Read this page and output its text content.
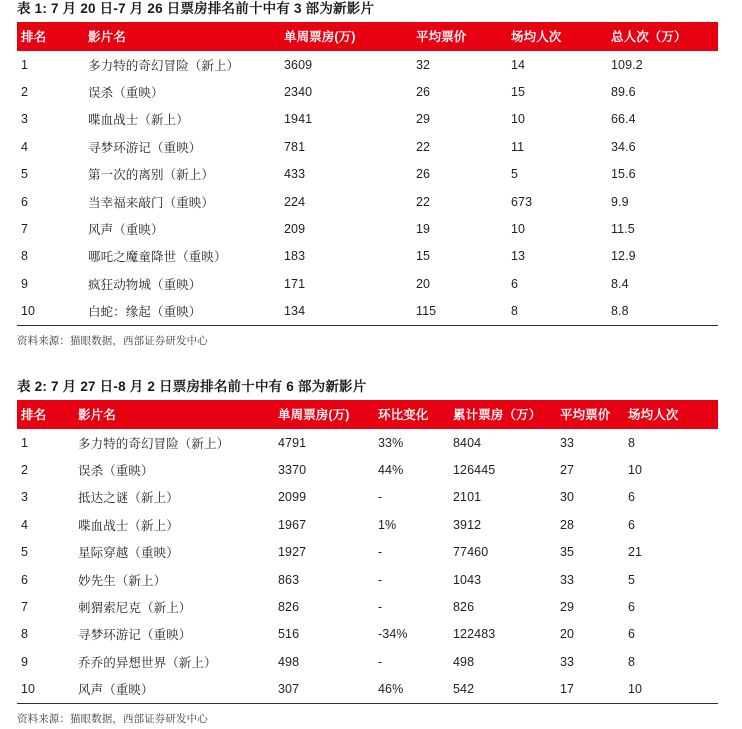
表 1: 7 月 20 日-7 月 26 日票房排名前十中有 3 部为新影片
排名	影片名	单周票房(万)	平均票价	场均人次	总人次（万）
1	多力特的奇幻冒险（新上）	3609	32	14	109.2
2	误杀（重映）	2340	26	15	89.6
3	喋血战士（新上）	1941	29	10	66.4
4	寻梦环游记（重映）	781	22	11	34.6
5	第一次的离别（新上）	433	26	5	15.6
6	当幸福来敲门（重映）	224	22	673	9.9
7	风声（重映）	209	19	10	11.5
8	哪吒之魔童降世（重映）	183	15	13	12.9
9	疯狂动物城（重映）	171	20	6	8.4
10	白蛇：缘起（重映）	134	115	8	8.8
资料来源：猫眼数据，西部证券研发中心
表 2: 7 月 27 日-8 月 2 日票房排名前十中有 6 部为新影片
排名	影片名	单周票房(万)	环比变化	累计票房（万）	平均票价	场均人次
1	多力特的奇幻冒险（新上）	4791	33%	8404	33	8
2	误杀（重映）	3370	44%	126445	27	10
3	抵达之谜（新上）	2099	-	2101	30	6
4	喋血战士（新上）	1967	1%	3912	28	6
5	星际穿越（重映）	1927	-	77460	35	21
6	妙先生（新上）	863	-	1043	33	5
7	刺猬索尼克（新上）	826	-	826	29	6
8	寻梦环游记（重映）	516	-34%	122483	20	6
9	乔乔的异想世界（新上）	498	-	498	33	8
10	风声（重映）	307	46%	542	17	10
资料来源：猫眼数据，西部证券研发中心
